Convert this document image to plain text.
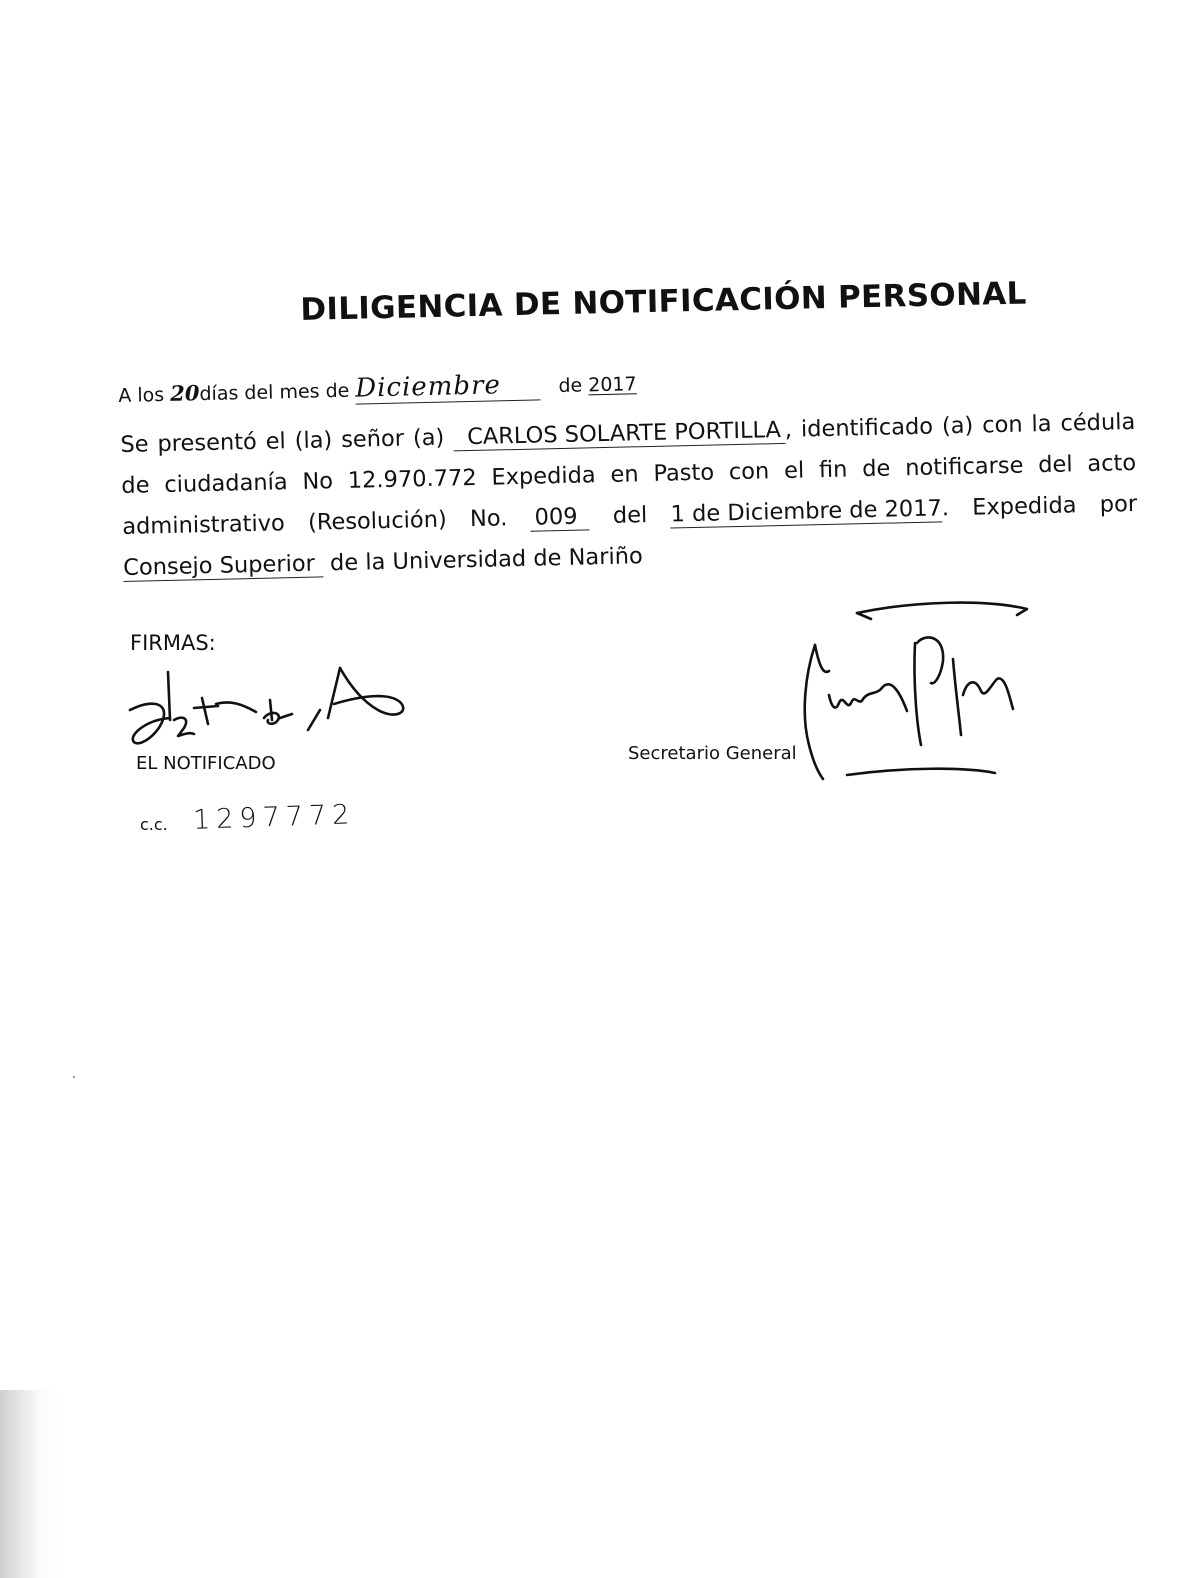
DILIGENCIA DE NOTIFICACIÓN PERSONAL
A los 20días del mes de Diciembre	de 2017
Se presentó el (la) señor (a) CARLOS SOLARTE PORTILLA , identificado (a) con la cédula
de ciudadanía No 12.970.772 Expedida en Pasto con el fin de notificarse del acto
administrativo (Resolución) No. 009 del 1 de Diciembre de 2017. Expedida por
Consejo Superior de la Universidad de Nariño
FIRMAS:
EL NOTIFICADO
c.c. 1297772
Secretario General
